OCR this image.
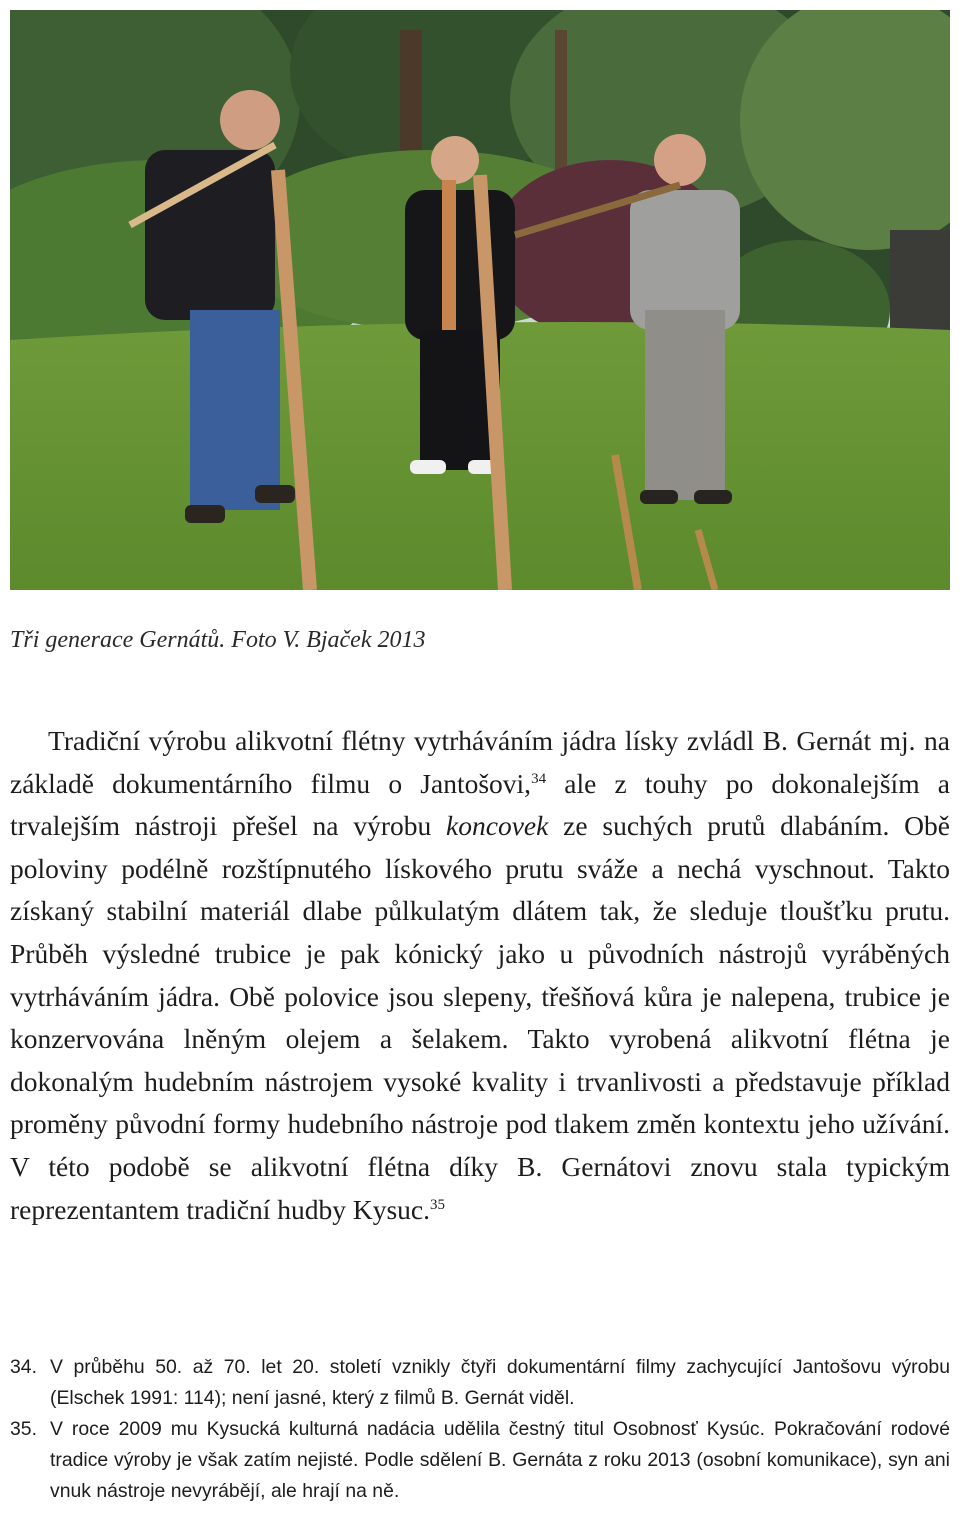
Tři generace Gernátů. Foto V. Bjaček 2013

Tradiční výrobu alikvotní flétny vytrháváním jádra lísky zvládl B. Gernát mj. na základě dokumentárního filmu o Jantošovi,$^{34}$ ale z touhy po dokonalejším a trvalejším nástroji přešel na výrobu koncovek ze suchých prutů dlabáním. Obě poloviny podélně rozštípnutého lískového prutu sváže a nechá vyschnout. Takto získaný stabilní materiál dlabe půlkulatým dlátem tak, že sleduje tloušťku prutu. Průběh výsledné trubice je pak kónický jako u původních nástrojů vyráběných vytrháváním jádra. Obě polovice jsou slepeny, třešňová kůra je nalepena, trubice je konzervována lněným olejem a šelakem. Takto vyrobená alikvotní flétna je dokonalým hudebním nástrojem vysoké kvality i trvanlivosti a představuje příklad proměny původní formy hudebního nástroje pod tlakem změn kontextu jeho užívání. V této podobě se alikvotní flétna díky B. Gernátovi znovu stala typickým reprezentantem tradiční hudby Kysuc.$^{35}$

34. V průběhu 50. až 70. let 20. století vznikly čtyři dokumentární filmy zachycující Jantošovu výrobu (Elschek 1991: 114); není jasné, který z filmů B. Gernát viděl.
35. V roce 2009 mu Kysucká kulturná nadácia udělila čestný titul Osobnosť Kysúc. Pokračování rodové tradice výroby je však zatím nejisté. Podle sdělení B. Gernáta z roku 2013 (osobní komunikace), syn ani vnuk nástroje nevyrábějí, ale hrají na ně.
